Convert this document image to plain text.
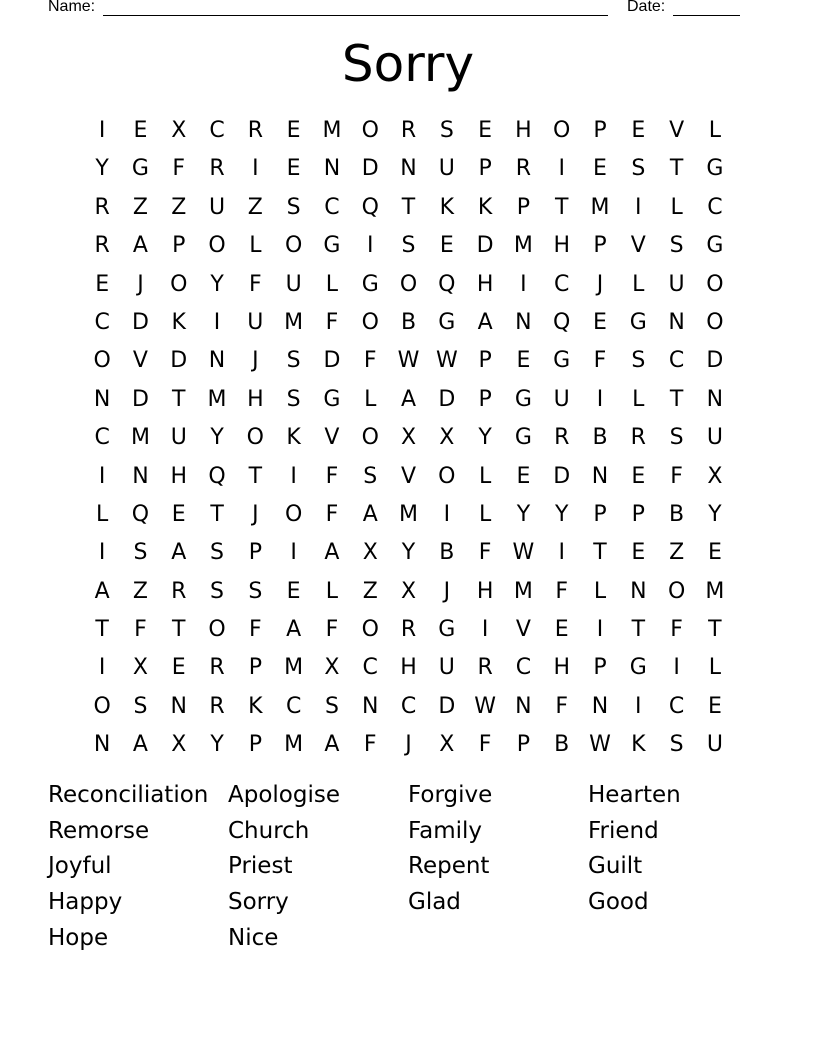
Name:	Date:
Sorry
I	E	X	C	R	E M O R	S	E	H O	P	E	V	L
Y	G	F	R	I	E	N D N	U	P	R	I	E	S	T	G
R	Z	Z	U	Z	S	C Q	T	K	K	P	T	M	I	L	C
R	A	P	O	L	O G	I	S	E	D M H	P	V	S	G
E	J	O	Y	F	U	L	G O Q H	I	C	J	L	U O
C	D	K	I	U M	F	O	B	G	A	N Q	E	G N O
O	V	D N	J	S	D	F W W P	E	G	F	S	C	D
N D	T	M H	S	G	L	A	D	P	G U	I	L	T	N
C M U	Y	O	K	V	O	X	X	Y	G	R	B	R	S	U
I	N H Q	T	I	F	S	V	O	L	E	D N	E	F	X
L	Q	E	T	J	O	F	A M	I	L	Y	Y	P	P	B	Y
I	S	A	S	P	I	A	X	Y	B	F W	I	T	E	Z	E
A	Z	R	S	S	E	L	Z	X	J	H M	F	L	N O M
T	F	T	O	F	A	F	O R	G	I	V	E	I	T	F	T
I	X	E	R	P	M X	C	H U	R	C	H	P	G	I	L
O	S	N	R	K	C	S	N	C	D W N	F	N	I	C	E
N	A	X	Y	P	M A	F	J	X	F	P	B W K	S	U
Reconciliation Apologise	Forgive	Hearten
Remorse	Church	Family	Friend
Joyful	Priest	Repent	Guilt
Happy	Sorry	Glad	Good
Hope	Nice
